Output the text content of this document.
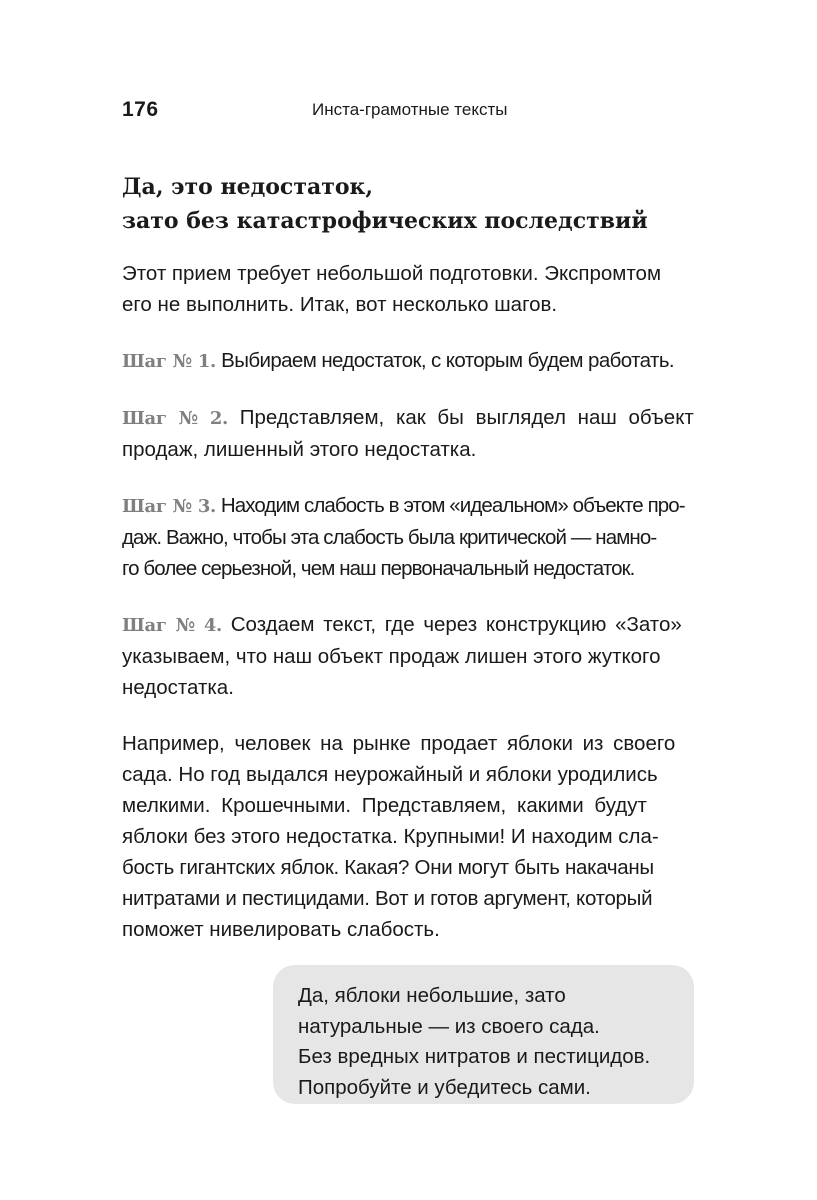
176	Инста-грамотные тексты
Да, это недостаток,
зато без катастрофических последствий

Этот прием требует небольшой подготовки. Экспромтом
его не выполнить. Итак, вот несколько шагов.

Шаг № 1. Выбираем недостаток, с которым будем работать.

Шаг № 2. Представляем, как бы выглядел наш объект
продаж, лишенный этого недостатка.

Шаг № 3. Находим слабость в этом «идеальном» объекте про-
даж. Важно, чтобы эта слабость была критической — намно-
го более серьезной, чем наш первоначальный недостаток.

Шаг № 4. Создаем текст, где через конструкцию «Зато»
указываем, что наш объект продаж лишен этого жуткого
недостатка.

Например, человек на рынке продает яблоки из своего
сада. Но год выдался неурожайный и яблоки уродились
мелкими. Крошечными. Представляем, какими будут
яблоки без этого недостатка. Крупными! И находим сла-
бость гигантских яблок. Какая? Они могут быть накачаны
нитратами и пестицидами. Вот и готов аргумент, который
поможет нивелировать слабость.

Да, яблоки небольшие, зато
натуральные — из своего сада.
Без вредных нитратов и пестицидов.
Попробуйте и убедитесь сами.
